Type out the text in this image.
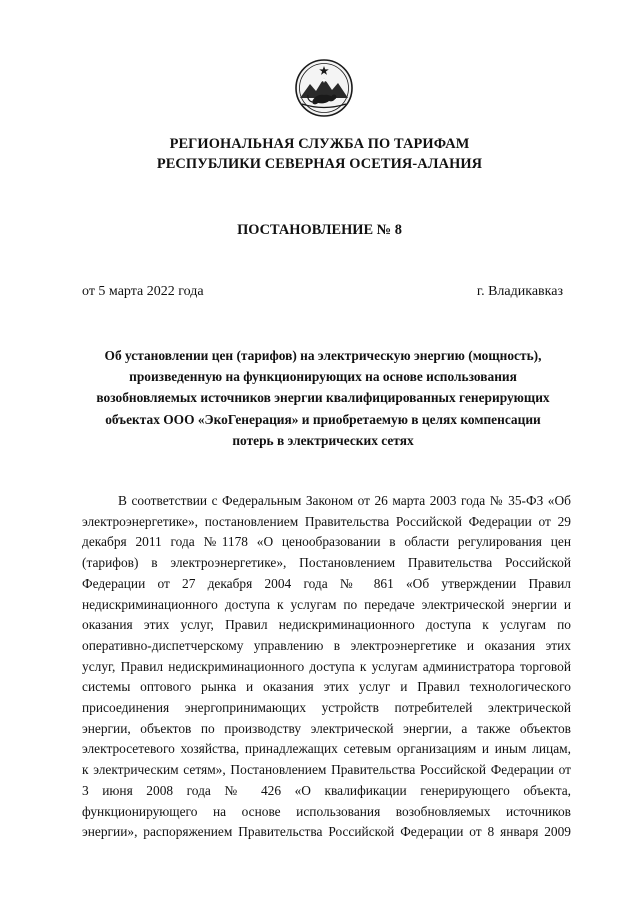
РЕГИОНАЛЬНАЯ СЛУЖБА ПО ТАРИФАМ
РЕСПУБЛИКИ СЕВЕРНАЯ ОСЕТИЯ-АЛАНИЯ
ПОСТАНОВЛЕНИЕ № 8
от 5 марта 2022 года	г. Владикавказ
Об установлении цен (тарифов) на электрическую энергию (мощность),
произведенную на функционирующих на основе использования
возобновляемых источников энергии квалифицированных генерирующих
объектах ООО «ЭкоГенерация» и приобретаемую в целях компенсации
потерь в электрических сетях
В соответствии с Федеральным Законом от 26 марта 2003 года № 35-ФЗ «Об
электроэнергетике», постановлением Правительства Российской Федерации от 29
декабря 2011 года №1178 «О ценообразовании в области регулирования цен
(тарифов) в электроэнергетике», Постановлением Правительства Российской
Федерации от 27 декабря 2004 года № 861 «Об утверждении Правил
недискриминационного доступа к услугам по передаче электрической энергии и
оказания этих услуг, Правил недискриминационного доступа к услугам по
оперативно-диспетчерскому управлению в электроэнергетике и оказания этих
услуг, Правил недискриминационного доступа к услугам администратора торговой
системы оптового рынка и оказания этих услуг и Правил технологического
присоединения энергопринимающих устройств потребителей электрической
энергии, объектов по производству электрической энергии, а также объектов
электросетевого хозяйства, принадлежащих сетевым организациям и иным лицам,
к электрическим сетям», Постановлением Правительства Российской Федерации от
3 июня 2008 года № 426 «О квалификации генерирующего объекта,
функционирующего на основе использования возобновляемых источников
энергии», распоряжением Правительства Российской Федерации от 8 января 2009
